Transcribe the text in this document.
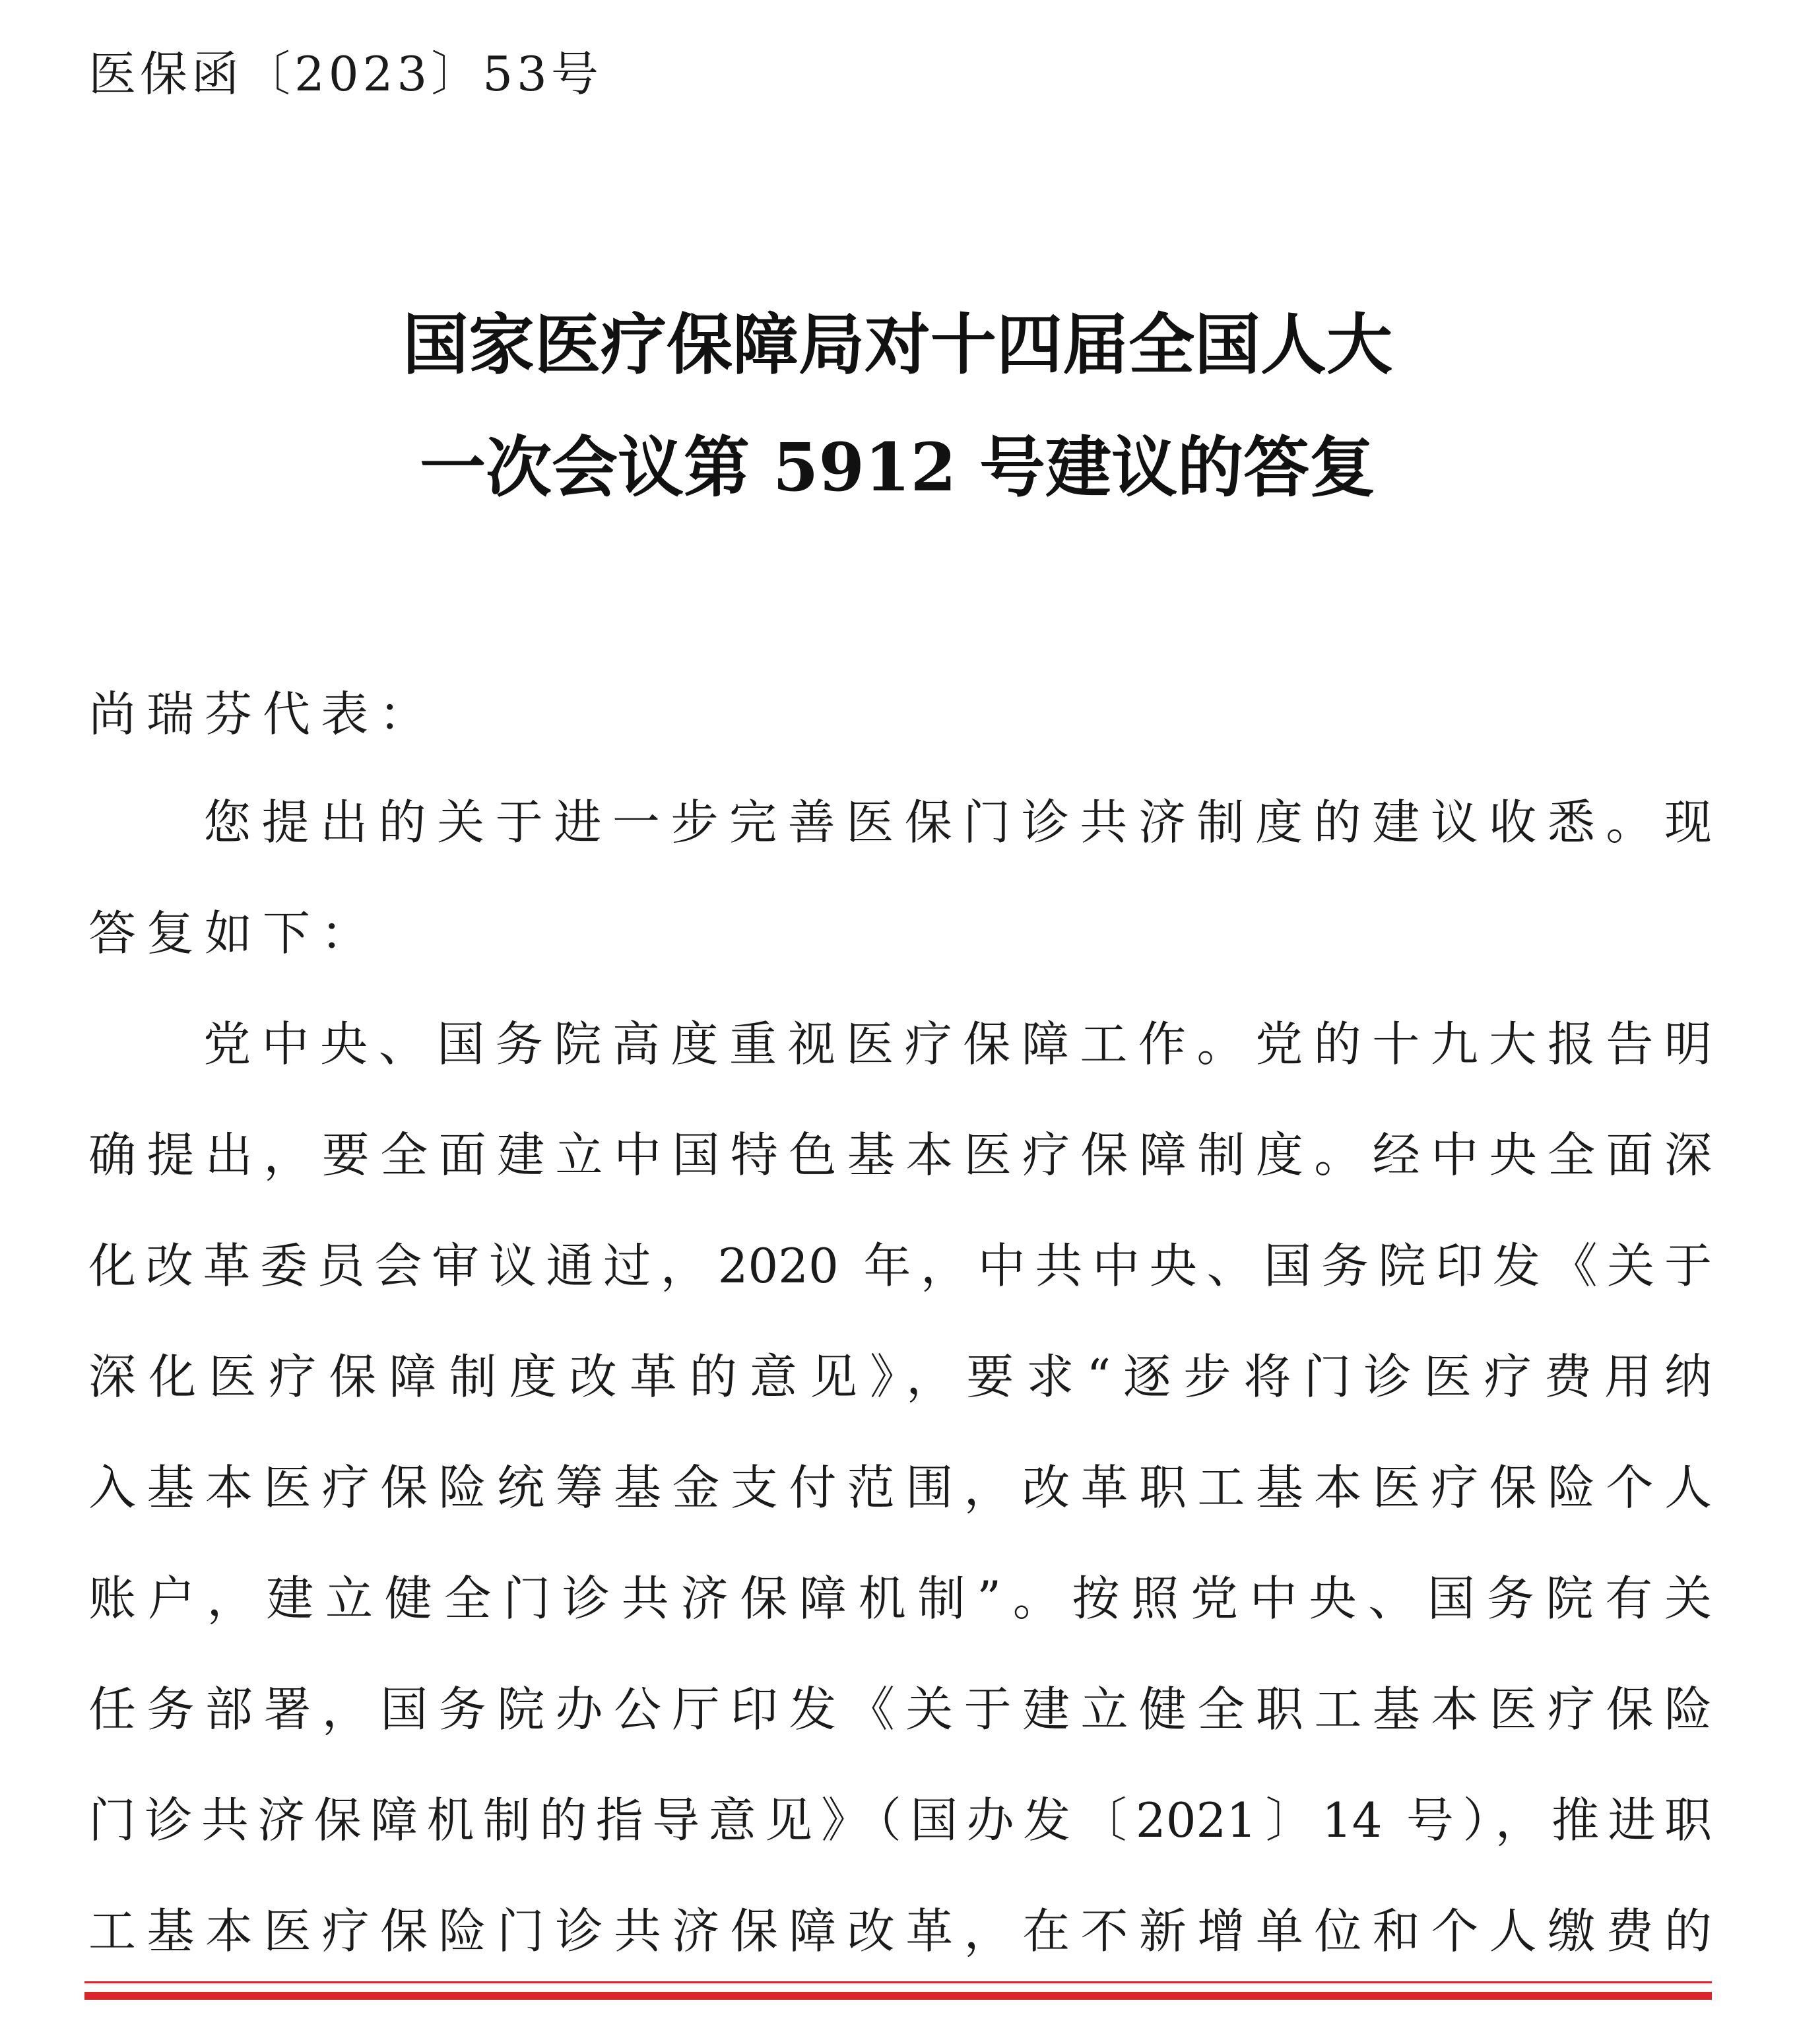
医保函〔2023〕53号
国家医疗保障局对十四届全国人大
一次会议第 5912 号建议的答复
尚瑞芬代表：
您提出的关于进一步完善医保门诊共济制度的建议收悉。现
答复如下：
党中央、国务院高度重视医疗保障工作。党的十九大报告明
确提出，要全面建立中国特色基本医疗保障制度。经中央全面深
化改革委员会审议通过，2020 年，中共中央、国务院印发《关于
深化医疗保障制度改革的意见》，要求“逐步将门诊医疗费用纳
入基本医疗保险统筹基金支付范围，改革职工基本医疗保险个人
账户，建立健全门诊共济保障机制”。按照党中央、国务院有关
任务部署，国务院办公厅印发《关于建立健全职工基本医疗保险
门诊共济保障机制的指导意见》（国办发〔2021〕14 号），推进职
工基本医疗保险门诊共济保障改革，在不新增单位和个人缴费的
